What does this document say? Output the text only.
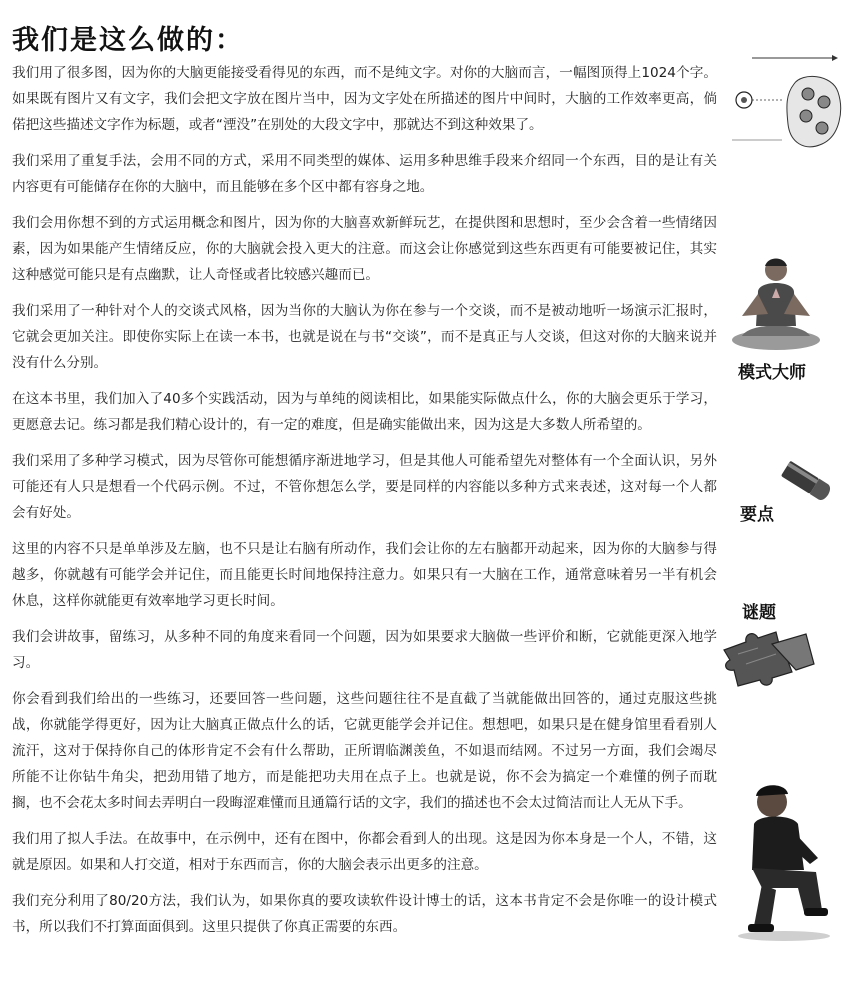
我们是这么做的：

我们用了很多图，因为你的大脑更能接受看得见的东西，而不是纯文字。对你的大脑而言，一幅图顶得上1024个字。如果既有图片又有文字，我们会把文字放在图片当中，因为文字处在所描述的图片中间时，大脑的工作效率更高，倘偌把这些描述文字作为标题，或者“湮没”在别处的大段文字中，那就达不到这种效果了。

我们采用了重复手法，会用不同的方式，采用不同类型的媒体、运用多种思维手段来介绍同一个东西，目的是让有关内容更有可能储存在你的大脑中，而且能够在多个区中都有容身之地。

我们会用你想不到的方式运用概念和图片，因为你的大脑喜欢新鲜玩艺，在提供图和思想时，至少会含着一些情绪因素，因为如果能产生情绪反应，你的大脑就会投入更大的注意。而这会让你感觉到这些东西更有可能要被记住，其实这种感觉可能只是有点幽默，让人奇怪或者比较感兴趣而已。

我们采用了一种针对个人的交谈式风格，因为当你的大脑认为你在参与一个交谈，而不是被动地听一场演示汇报时，它就会更加关注。即使你实际上在读一本书，也就是说在与书“交谈”，而不是真正与人交谈，但这对你的大脑来说并没有什么分别。

在这本书里，我们加入了40多个实践活动，因为与单纯的阅读相比，如果能实际做点什么，你的大脑会更乐于学习，更愿意去记。练习都是我们精心设计的，有一定的难度，但是确实能做出来，因为这是大多数人所希望的。

我们采用了多种学习模式，因为尽管你可能想循序渐进地学习，但是其他人可能希望先对整体有一个全面认识，另外可能还有人只是想看一个代码示例。不过，不管你想怎么学，要是同样的内容能以多种方式来表述，这对每一个人都会有好处。

这里的内容不只是单单涉及左脑，也不只是让右脑有所动作，我们会让你的左右脑都开动起来，因为你的大脑参与得越多，你就越有可能学会并记住，而且能更长时间地保持注意力。如果只有一大脑在工作，通常意味着另一半有机会休息，这样你就能更有效率地学习更长时间。

我们会讲故事，留练习，从多种不同的角度来看同一个问题，因为如果要求大脑做一些评价和断，它就能更深入地学习。

你会看到我们给出的一些练习，还要回答一些问题，这些问题往往不是直截了当就能做出回答的，通过克服这些挑战，你就能学得更好，因为让大脑真正做点什么的话，它就更能学会并记住。想想吧，如果只是在健身馆里看看别人流汗，这对于保持你自己的体形肯定不会有什么帮助，正所谓临渊羡鱼，不如退而结网。不过另一方面，我们会竭尽所能不让你钻牛角尖，把劲用错了地方，而是能把功夫用在点子上。也就是说，你不会为搞定一个难懂的例子而耽搁，也不会花太多时间去弄明白一段晦涩难懂而且通篇行话的文字，我们的描述也不会太过简洁而让人无从下手。

我们用了拟人手法。在故事中，在示例中，还有在图中，你都会看到人的出现。这是因为你本身是一个人，不错，这就是原因。如果和人打交道，相对于东西而言，你的大脑会表示出更多的注意。

我们充分利用了80/20方法，我们认为，如果你真的要攻读软件设计博士的话，这本书肯定不会是你唯一的设计模式书，所以我们不打算面面俱到。这里只提供了你真正需要的东西。

模式大师
要点
谜题
